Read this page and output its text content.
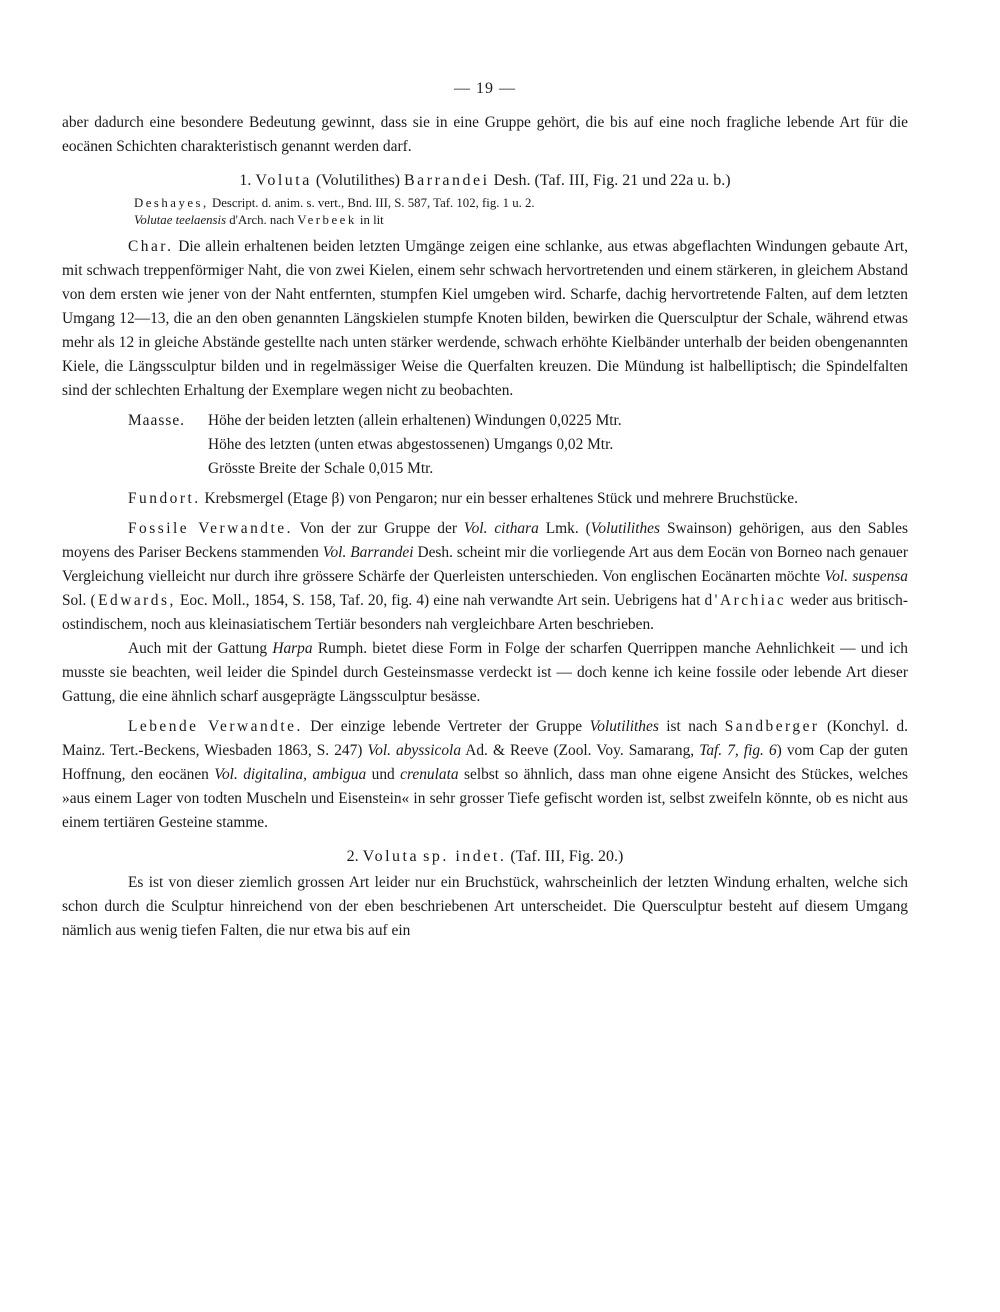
— 19 —

aber dadurch eine besondere Bedeutung gewinnt, dass sie in eine Gruppe gehört, die bis auf eine noch fragliche lebende Art für die eocänen Schichten charakteristisch genannt werden darf.

1. Voluta (Volutilithes) Barrandei Desh. (Taf. III, Fig. 21 und 22a u. b.)
Deshayes, Descript. d. anim. s. vert., Bnd. III, S. 587, Taf. 102, fig. 1 u. 2.
Volutae teelaensis d'Arch. nach Verbeek in lit

Char. Die allein erhaltenen beiden letzten Umgänge zeigen eine schlanke, aus etwas abgeflachten Windungen gebaute Art, mit schwach treppenförmiger Naht, die von zwei Kielen, einem sehr schwach hervortretenden und einem stärkeren, in gleichem Abstand von dem ersten wie jener von der Naht entfernten, stumpfen Kiel umgeben wird. Scharfe, dachig hervortretende Falten, auf dem letzten Umgang 12—13, die an den oben genannten Längskielen stumpfe Knoten bilden, bewirken die Quersculptur der Schale, während etwas mehr als 12 in gleiche Abstände gestellte nach unten stärker werdende, schwach erhöhte Kielbänder unterhalb der beiden obengenannten Kiele, die Längssculptur bilden und in regelmässiger Weise die Querfalten kreuzen. Die Mündung ist halbelliptisch; die Spindelfalten sind der schlechten Erhaltung der Exemplare wegen nicht zu beobachten.

Maasse.	Höhe der beiden letzten (allein erhaltenen) Windungen 0,0225 Mtr.
Höhe des letzten (unten etwas abgestossenen) Umgangs 0,02 Mtr.
Grösste Breite der Schale 0,015 Mtr.

Fundort. Krebsmergel (Etage β) von Pengaron; nur ein besser erhaltenes Stück und mehrere Bruchstücke.

Fossile Verwandte. Von der zur Gruppe der Vol. cithara Lmk. (Volutilithes Swainson) gehörigen, aus den Sables moyens des Pariser Beckens stammenden Vol. Barrandei Desh. scheint mir die vorliegende Art aus dem Eocän von Borneo nach genauer Vergleichung vielleicht nur durch ihre grössere Schärfe der Querleisten unterschieden. Von englischen Eocänarten möchte Vol. suspensa Sol. (Edwards, Eoc. Moll., 1854, S. 158, Taf. 20, fig. 4) eine nah verwandte Art sein. Uebrigens hat d'Archiac weder aus britisch-ostindischem, noch aus kleinasiatischem Tertiär besonders nah vergleichbare Arten beschrieben.

Auch mit der Gattung Harpa Rumph. bietet diese Form in Folge der scharfen Querrippen manche Aehnlichkeit — und ich musste sie beachten, weil leider die Spindel durch Gesteinsmasse verdeckt ist — doch kenne ich keine fossile oder lebende Art dieser Gattung, die eine ähnlich scharf ausgeprägte Längssculptur besässe.

Lebende Verwandte. Der einzige lebende Vertreter der Gruppe Volutilithes ist nach Sandberger (Konchyl. d. Mainz. Tert.-Beckens, Wiesbaden 1863, S. 247) Vol. abyssicola Ad. & Reeve (Zool. Voy. Samarang, Taf. 7, fig. 6) vom Cap der guten Hoffnung, den eocänen Vol. digitalina, ambigua und crenulata selbst so ähnlich, dass man ohne eigene Ansicht des Stückes, welches »aus einem Lager von todten Muscheln und Eisenstein« in sehr grosser Tiefe gefischt worden ist, selbst zweifeln könnte, ob es nicht aus einem tertiären Gesteine stamme.

2. Voluta sp. indet. (Taf. III, Fig. 20.)

Es ist von dieser ziemlich grossen Art leider nur ein Bruchstück, wahrscheinlich der letzten Windung erhalten, welche sich schon durch die Sculptur hinreichend von der eben beschriebenen Art unterscheidet. Die Quersculptur besteht auf diesem Umgang nämlich aus wenig tiefen Falten, die nur etwa bis auf ein
